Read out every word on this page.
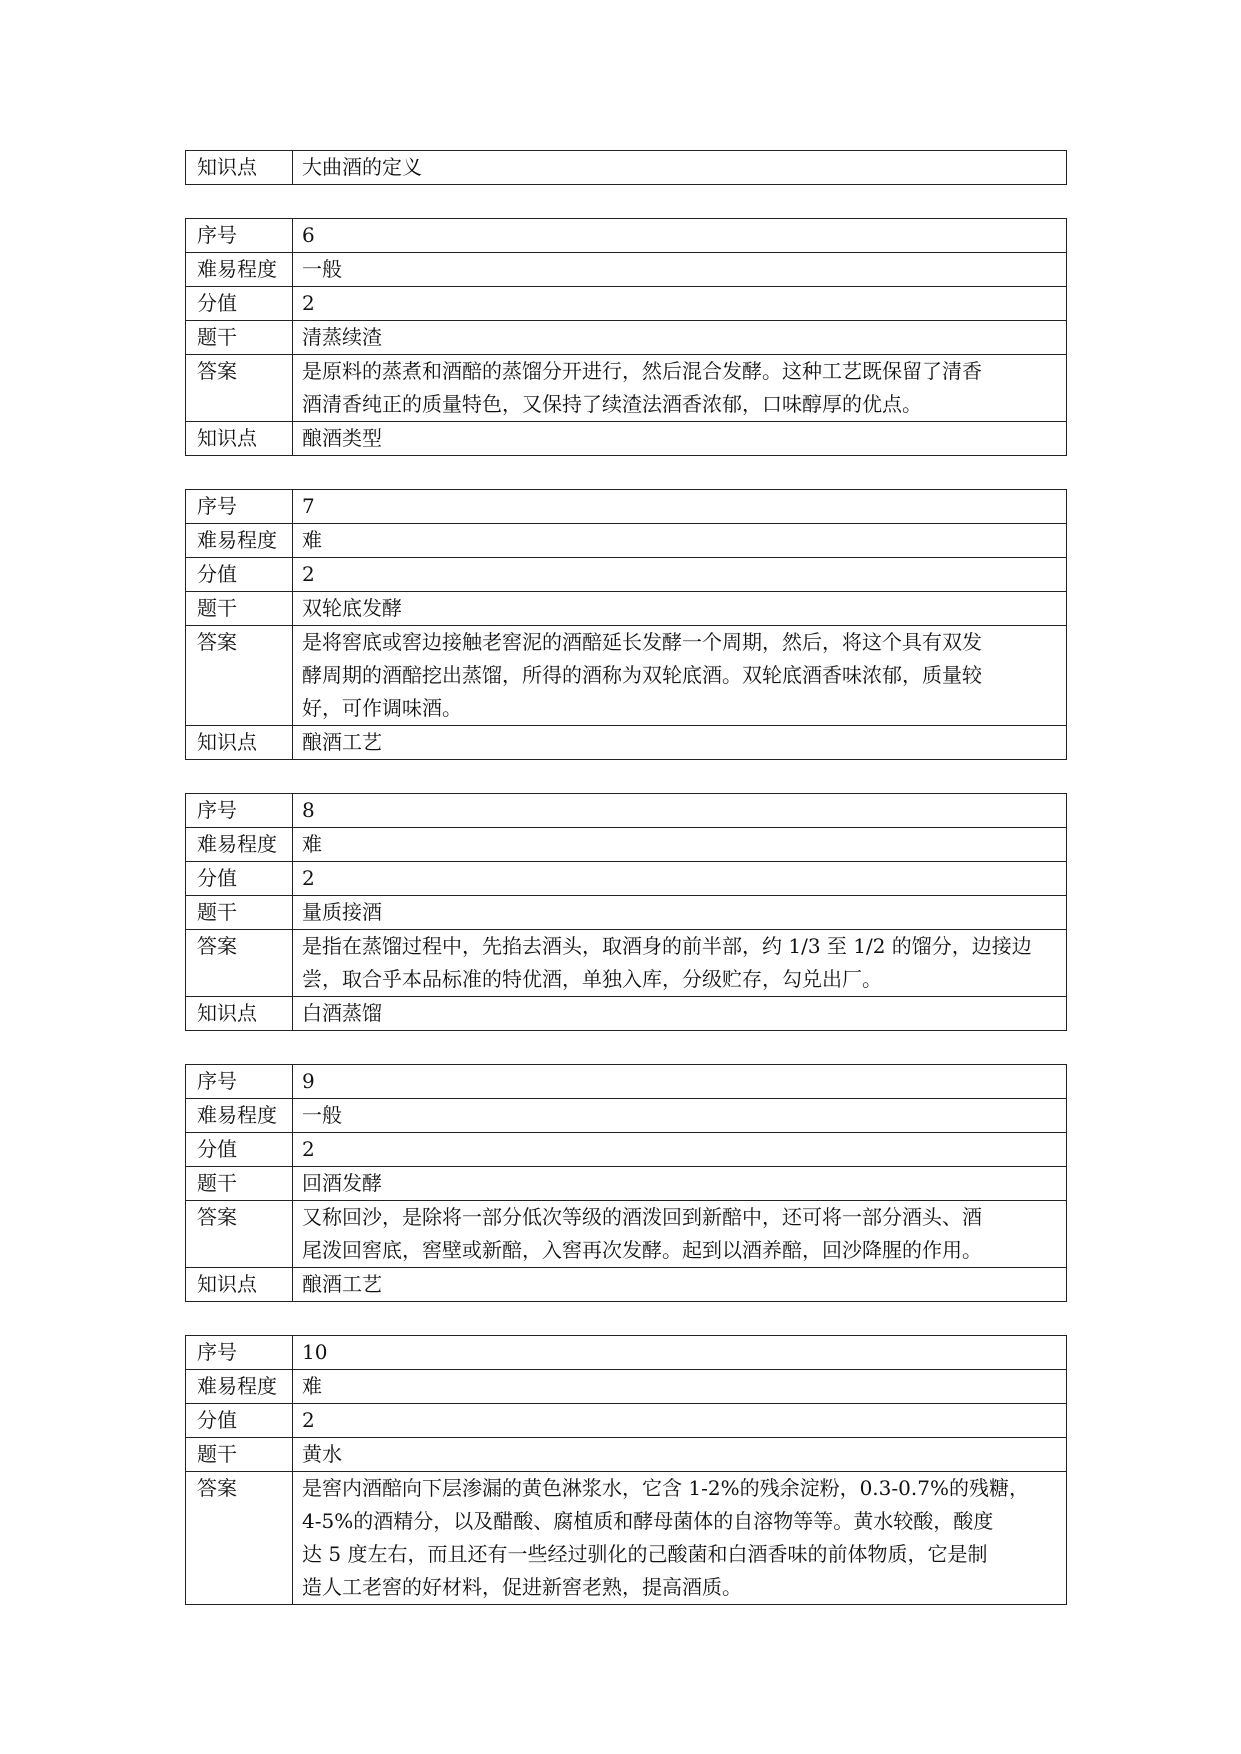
知识点	大曲酒的定义
序号	6
难易程度	一般
分值	2
题干	清蒸续渣
答案	是原料的蒸煮和酒醅的蒸馏分开进行，然后混合发酵。这种工艺既保留了清香
酒清香纯正的质量特色，又保持了续渣法酒香浓郁，口味醇厚的优点。

知识点	酿酒类型
序号	7
难易程度	难
分值	2
题干	双轮底发酵
答案	是将窖底或窖边接触老窖泥的酒醅延长发酵一个周期，然后，将这个具有双发
酵周期的酒醅挖出蒸馏，所得的酒称为双轮底酒。双轮底酒香味浓郁，质量较
好，可作调味酒。

知识点	酿酒工艺
序号	8
难易程度	难
分值	2
题干	量质接酒
答案	是指在蒸馏过程中，先掐去酒头，取酒身的前半部，约 1/3 至 1/2 的馏分，边接边
尝，取合乎本品标准的特优酒，单独入库，分级贮存，勾兑出厂。

知识点	白酒蒸馏
序号	9
难易程度	一般
分值	2
题干	回酒发酵
答案	又称回沙，是除将一部分低次等级的酒泼回到新醅中，还可将一部分酒头、酒
尾泼回窖底，窖壁或新醅，入窖再次发酵。起到以酒养醅，回沙降腥的作用。

知识点	酿酒工艺
序号	10
难易程度	难
分值	2
题干	黄水
答案	是窖内酒醅向下层渗漏的黄色淋浆水，它含 1-2%的残余淀粉，0.3-0.7%的残糖，
4-5%的酒精分，以及醋酸、腐植质和酵母菌体的自溶物等等。黄水较酸，酸度
达 5 度左右，而且还有一些经过驯化的己酸菌和白酒香味的前体物质，它是制
造人工老窖的好材料，促进新窖老熟，提高酒质。
